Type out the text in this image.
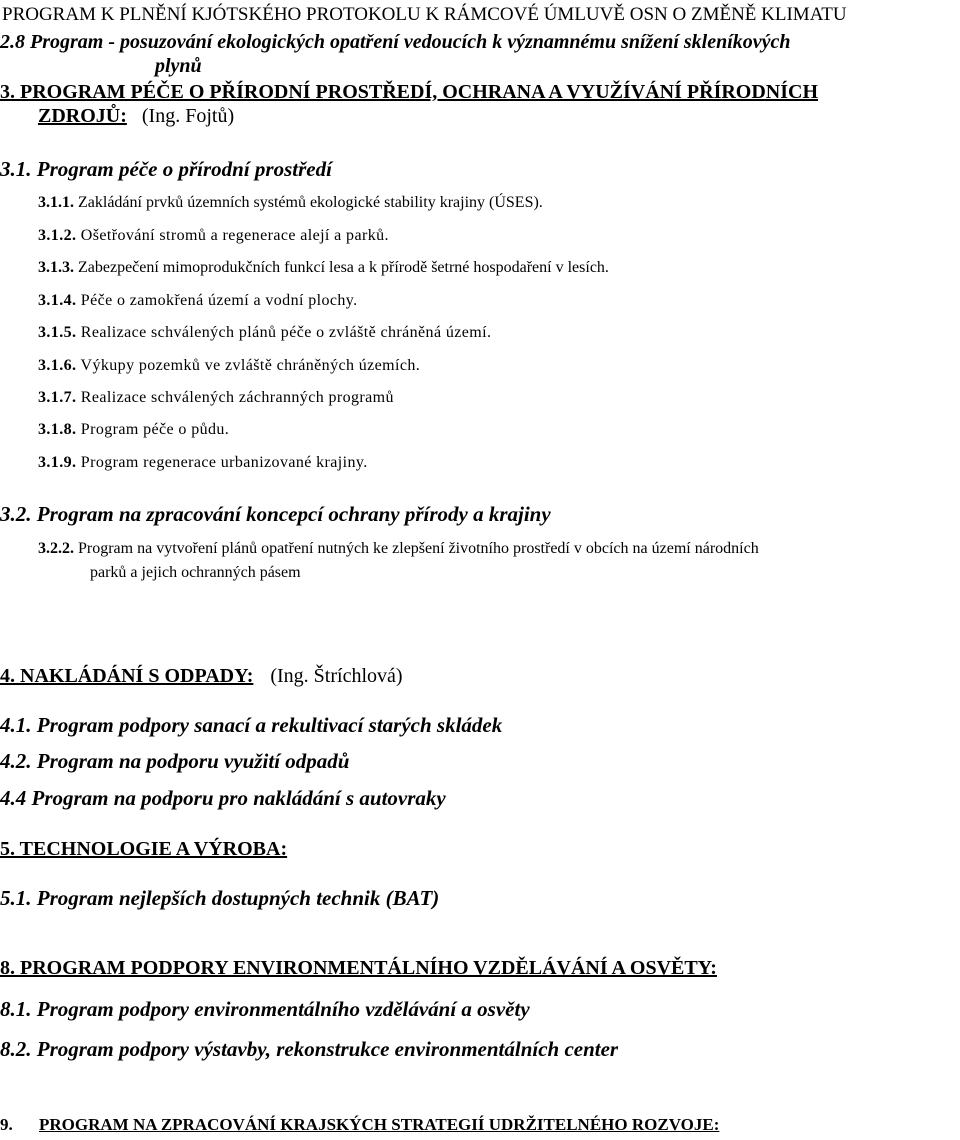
PROGRAM K PLNĚNÍ KJÓTSKÉHO PROTOKOLU K RÁMCOVÉ ÚMLUVĚ OSN O ZMĚNĚ KLIMATU
2.8 Program - posuzování ekologických opatření vedoucích k významnému snížení skleníkových
plynů
3. PROGRAM PÉČE O PŘÍRODNÍ PROSTŘEDÍ, OCHRANA A VYUŽÍVÁNÍ PŘÍRODNÍCH
ZDROJŮ: (Ing. Fojtů)
3.1. Program péče o přírodní prostředí
3.1.1. Zakládání prvků územních systémů ekologické stability krajiny (ÚSES).
3.1.2. Ošetřování stromů a regenerace alejí a parků.
3.1.3. Zabezpečení mimoprodukčních funkcí lesa a k přírodě šetrné hospodaření v lesích.
3.1.4. Péče o zamokřená území a vodní plochy.
3.1.5. Realizace schválených plánů péče o zvláště chráněná území.
3.1.6. Výkupy pozemků ve zvláště chráněných územích.
3.1.7. Realizace schválených záchranných programů
3.1.8. Program péče o půdu.
3.1.9. Program regenerace urbanizované krajiny.
3.2. Program na zpracování koncepcí ochrany přírody a krajiny
3.2.2. Program na vytvoření plánů opatření nutných ke zlepšení životního prostředí v obcích na území národních
parků a jejich ochranných pásem
4. NAKLÁDÁNÍ S ODPADY: (Ing. Štríchlová)
4.1. Program podpory sanací a rekultivací starých skládek
4.2. Program na podporu využití odpadů
4.4 Program na podporu pro nakládání s autovraky
5. TECHNOLOGIE A VÝROBA:
5.1. Program nejlepších dostupných technik (BAT)
8. PROGRAM PODPORY ENVIRONMENTÁLNÍHO VZDĚLÁVÁNÍ A OSVĚTY:
8.1. Program podpory environmentálního vzdělávání a osvěty
8.2. Program podpory výstavby, rekonstrukce environmentálních center
9. PROGRAM NA ZPRACOVÁNÍ KRAJSKÝCH STRATEGIÍ UDRŽITELNÉHO ROZVOJE:
